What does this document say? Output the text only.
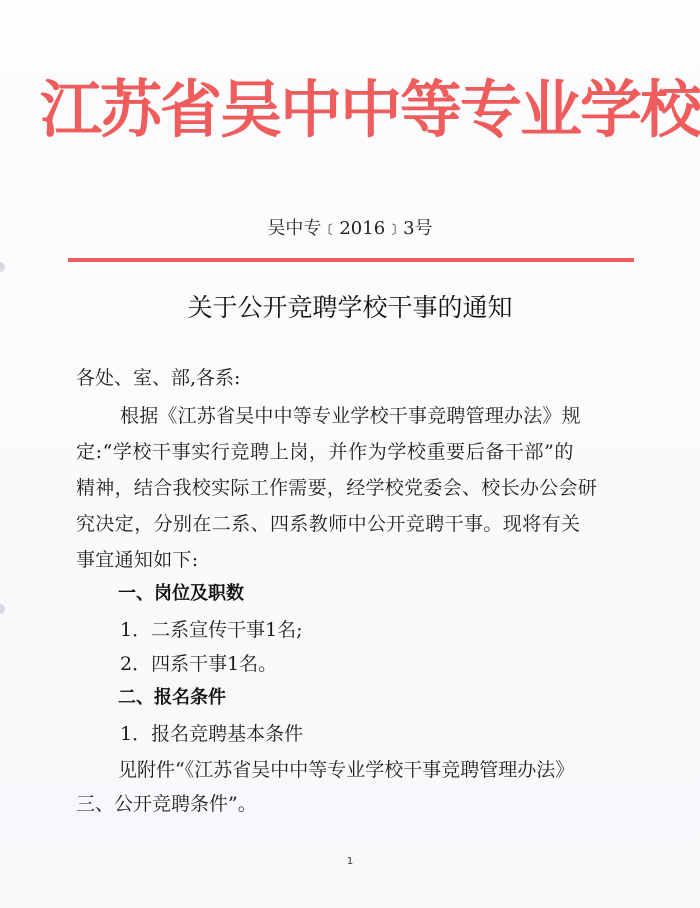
江苏省吴中中等专业学校
吴中专﹝2016﹞3号
关于公开竞聘学校干事的通知
各处、室、部,各系:
根据《江苏省吴中中等专业学校干事竞聘管理办法》规
定:“学校干事实行竞聘上岗，并作为学校重要后备干部”的
精神，结合我校实际工作需要，经学校党委会、校长办公会研
究决定，分别在二系、四系教师中公开竞聘干事。现将有关
事宜通知如下:
一、岗位及职数
1．二系宣传干事1名;
2．四系干事1名。
二、报名条件
1．报名竞聘基本条件
见附件“《江苏省吴中中等专业学校干事竞聘管理办法》
三、公开竞聘条件”。
1
